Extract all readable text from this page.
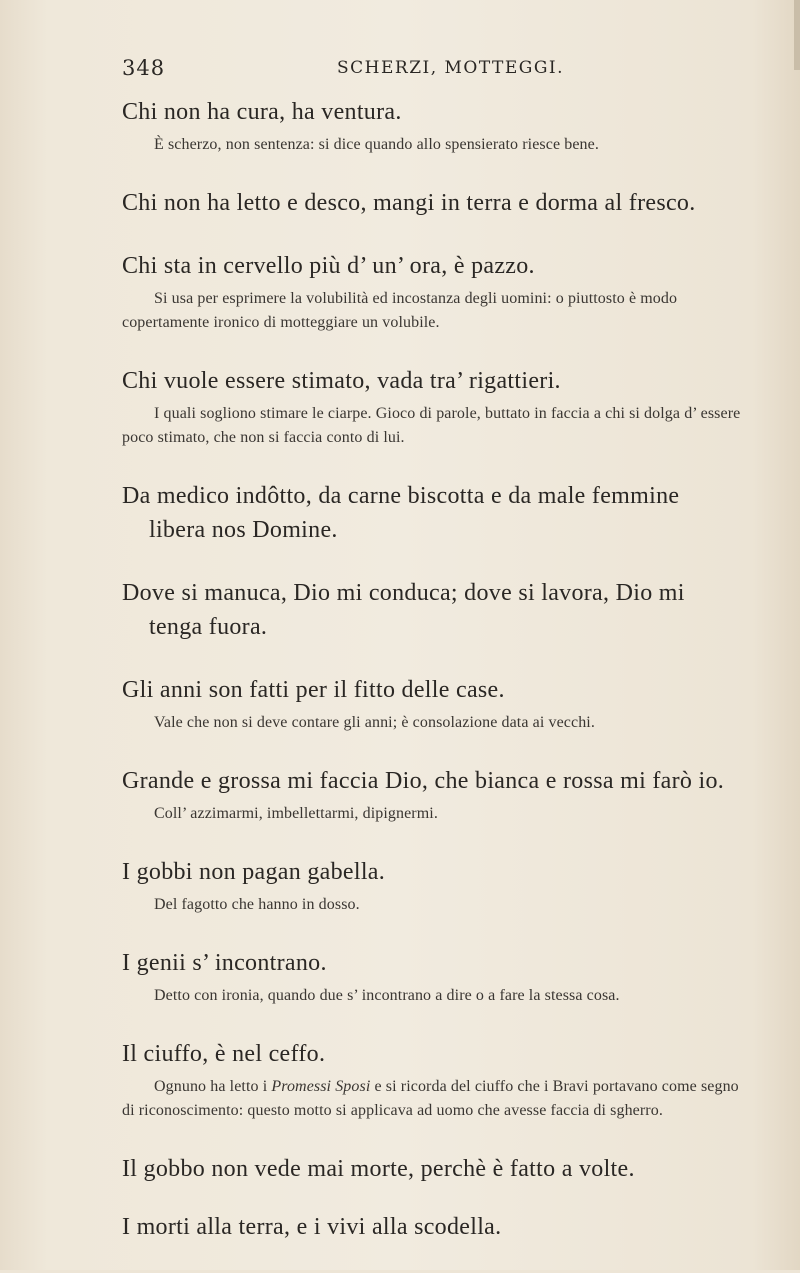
348	SCHERZI, MOTTEGGI.
Chi non ha cura, ha ventura.
È scherzo, non sentenza: si dice quando allo spensierato riesce bene.
Chi non ha letto e desco, mangi in terra e dorma al fresco.
Chi sta in cervello più d’ un’ ora, è pazzo.
Si usa per esprimere la volubilità ed incostanza degli uomini: o piuttosto è modo copertamente ironico di motteggiare un volubile.
Chi vuole essere stimato, vada tra’ rigattieri.
I quali sogliono stimare le ciarpe. Gioco di parole, buttato in faccia a chi si dolga d’ essere poco stimato, che non si faccia conto di lui.
Da medico indôtto, da carne biscotta e da male femmine libera nos Domine.
Dove si manuca, Dio mi conduca; dove si lavora, Dio mi tenga fuora.
Gli anni son fatti per il fitto delle case.
Vale che non si deve contare gli anni; è consolazione data ai vecchi.
Grande e grossa mi faccia Dio, che bianca e rossa mi farò io.
Coll’ azzimarmi, imbellettarmi, dipignermi.
I gobbi non pagan gabella.
Del fagotto che hanno in dosso.
I genii s’ incontrano.
Detto con ironia, quando due s’ incontrano a dire o a fare la stessa cosa.
Il ciuffo, è nel ceffo.
Ognuno ha letto i Promessi Sposi e si ricorda del ciuffo che i Bravi portavano come segno di riconoscimento: questo motto si applicava ad uomo che avesse faccia di sgherro.
Il gobbo non vede mai morte, perchè è fatto a volte.
I morti alla terra, e i vivi alla scodella.
